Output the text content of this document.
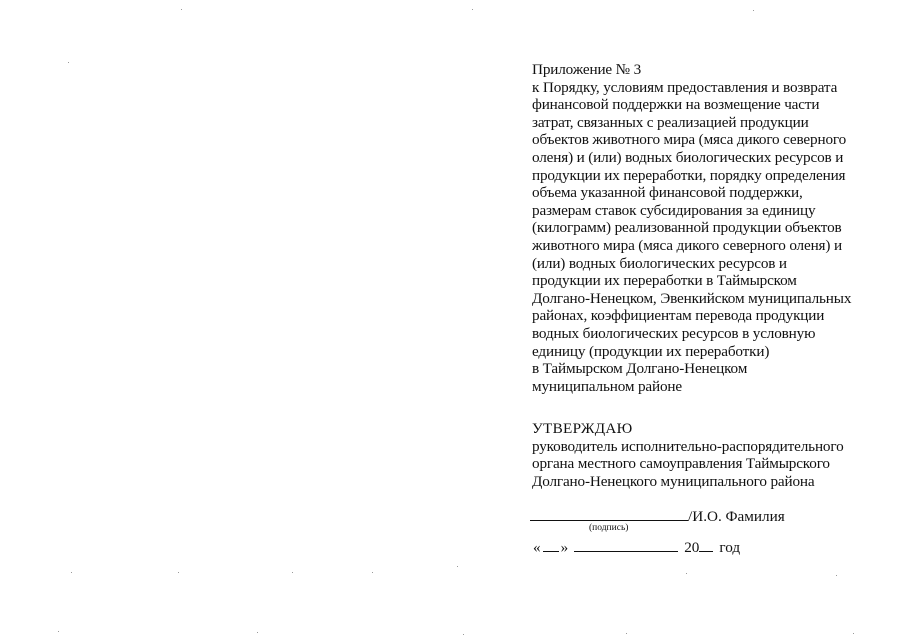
Приложение № 3
к Порядку, условиям предоставления и возврата
финансовой поддержки на возмещение части
затрат, связанных с реализацией продукции
объектов животного мира (мяса дикого северного
оленя) и (или) водных биологических ресурсов и
продукции их переработки, порядку определения
объема указанной финансовой поддержки,
размерам ставок субсидирования за единицу
(килограмм) реализованной продукции объектов
животного мира (мяса дикого северного оленя) и
(или) водных биологических ресурсов и
продукции их переработки в Таймырском
Долгано-Ненецком, Эвенкийском муниципальных
районах, коэффициентам перевода продукции
водных биологических ресурсов в условную
единицу (продукции их переработки)
в Таймырском Долгано-Ненецком
муниципальном районе
УТВЕРЖДАЮ
руководитель исполнительно-распорядительного
органа местного самоуправления Таймырского
Долгано-Ненецкого муниципального района
/И.О. Фамилия
(подпись)
« »	20 год
